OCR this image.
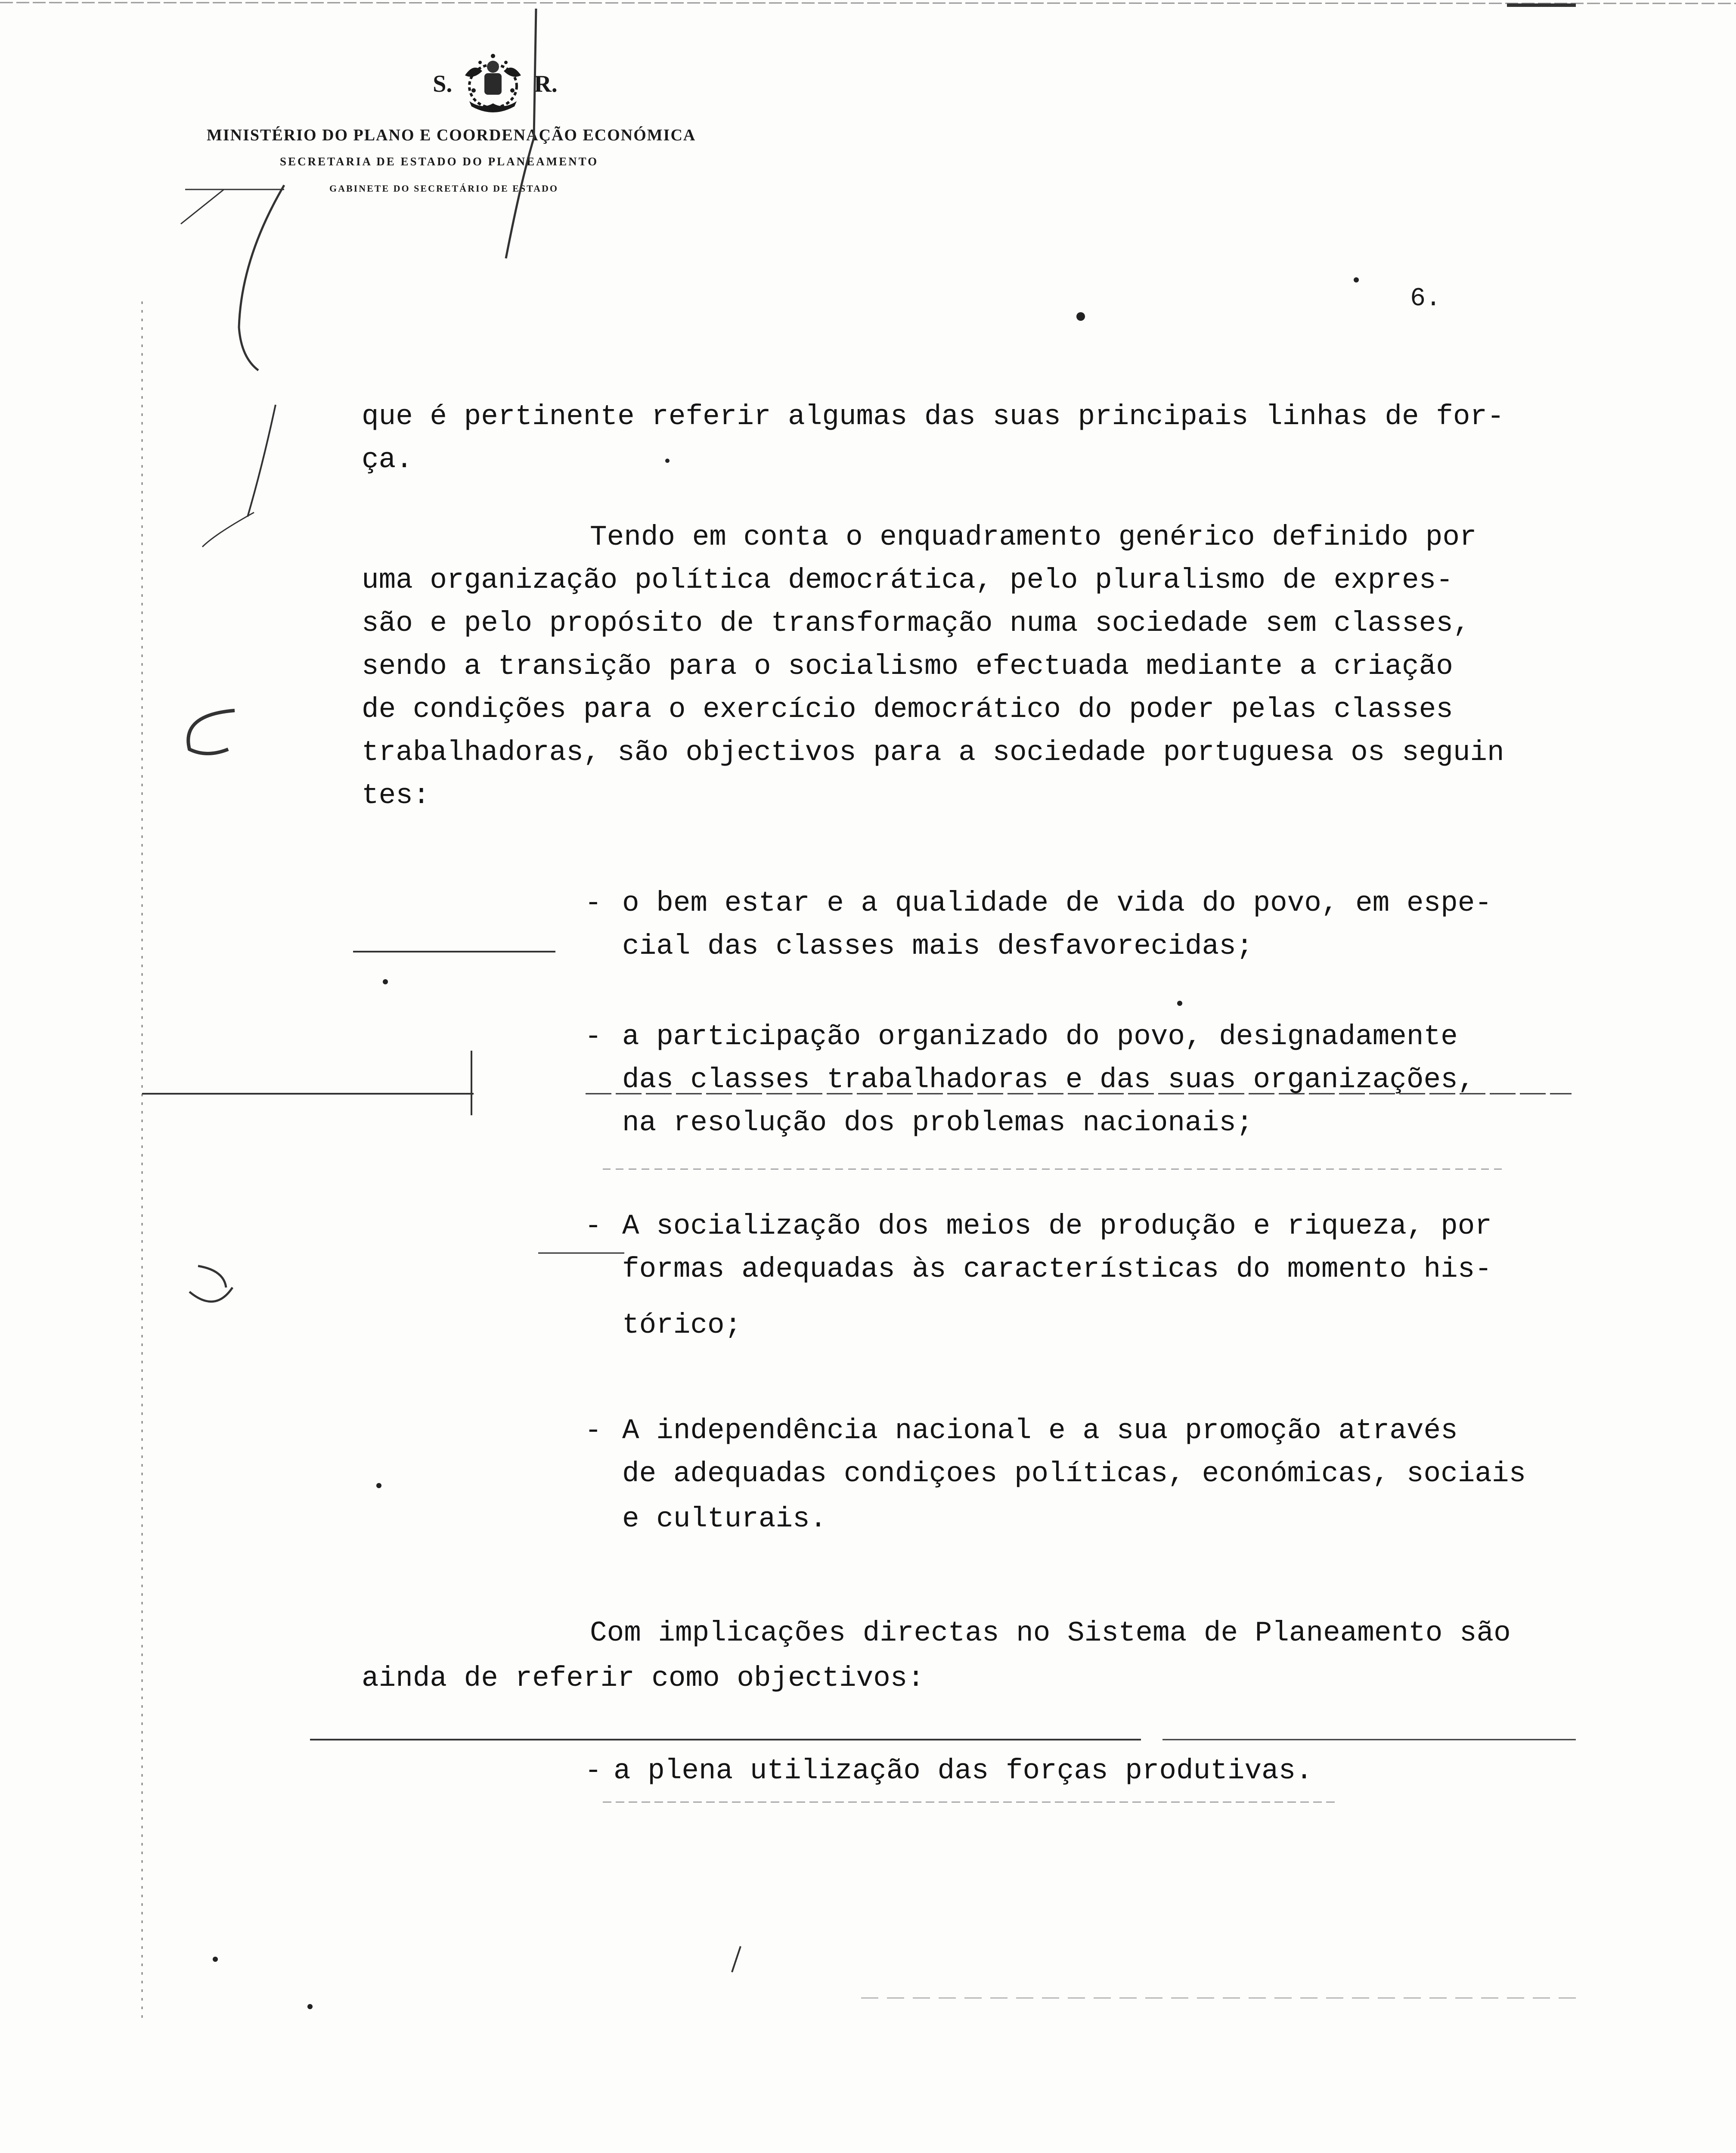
S.	R.
MINISTÉRIO DO PLANO E COORDENAÇÃO ECONÓMICA
SECRETARIA DE ESTADO DO PLANEAMENTO
GABINETE DO SECRETÁRIO DE ESTADO
6.
que é pertinente referir algumas das suas principais linhas de for-
ça.
Tendo em conta o enquadramento genérico definido por
uma organização política democrática, pelo pluralismo de expres-
são e pelo propósito de transformação numa sociedade sem classes,
sendo a transição para o socialismo efectuada mediante a criação
de condições para o exercício democrático do poder pelas classes
trabalhadoras, são objectivos para a sociedade portuguesa os seguin
tes:
- o bem estar e a qualidade de vida do povo, em espe-
cial das classes mais desfavorecidas;
- a participação organizado do povo, designadamente
das classes trabalhadoras e das suas organizações,
na resolução dos problemas nacionais;
- A socialização dos meios de produção e riqueza, por
formas adequadas às características do momento his-
tórico;
- A independência nacional e a sua promoção através
de adequadas condiçoes políticas, económicas, sociais
e culturais.
Com implicações directas no Sistema de Planeamento são
ainda de referir como objectivos:
- a plena utilização das forças produtivas.
